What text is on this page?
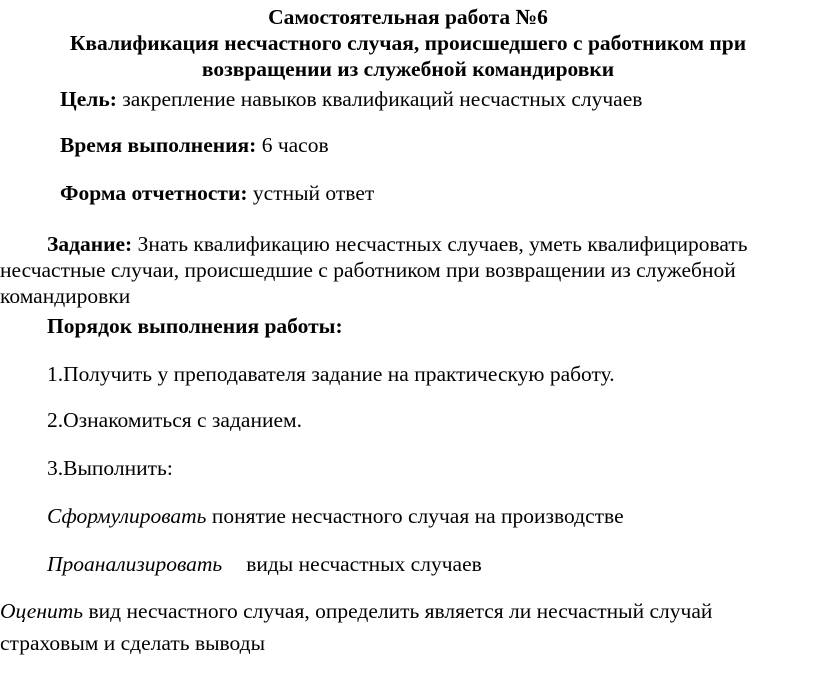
Самостоятельная работа №6
Квалификация несчастного случая, происшедшего с работником при
возвращении из служебной командировки
Цель: закрепление навыков квалификаций несчастных случаев
Время выполнения: 6 часов
Форма отчетности: устный ответ
Задание: Знать квалификацию несчастных случаев, уметь квалифицировать
несчастные случаи, происшедшие с работником при возвращении из служебной
командировки
Порядок выполнения работы:
1.Получить у преподавателя задание на практическую работу.
2.Ознакомиться с заданием.
3.Выполнить:
Сформулировать понятие несчастного случая на производстве
Проанализировать виды несчастных случаев
Оценить вид несчастного случая, определить является ли несчастный случай
страховым и сделать выводы
